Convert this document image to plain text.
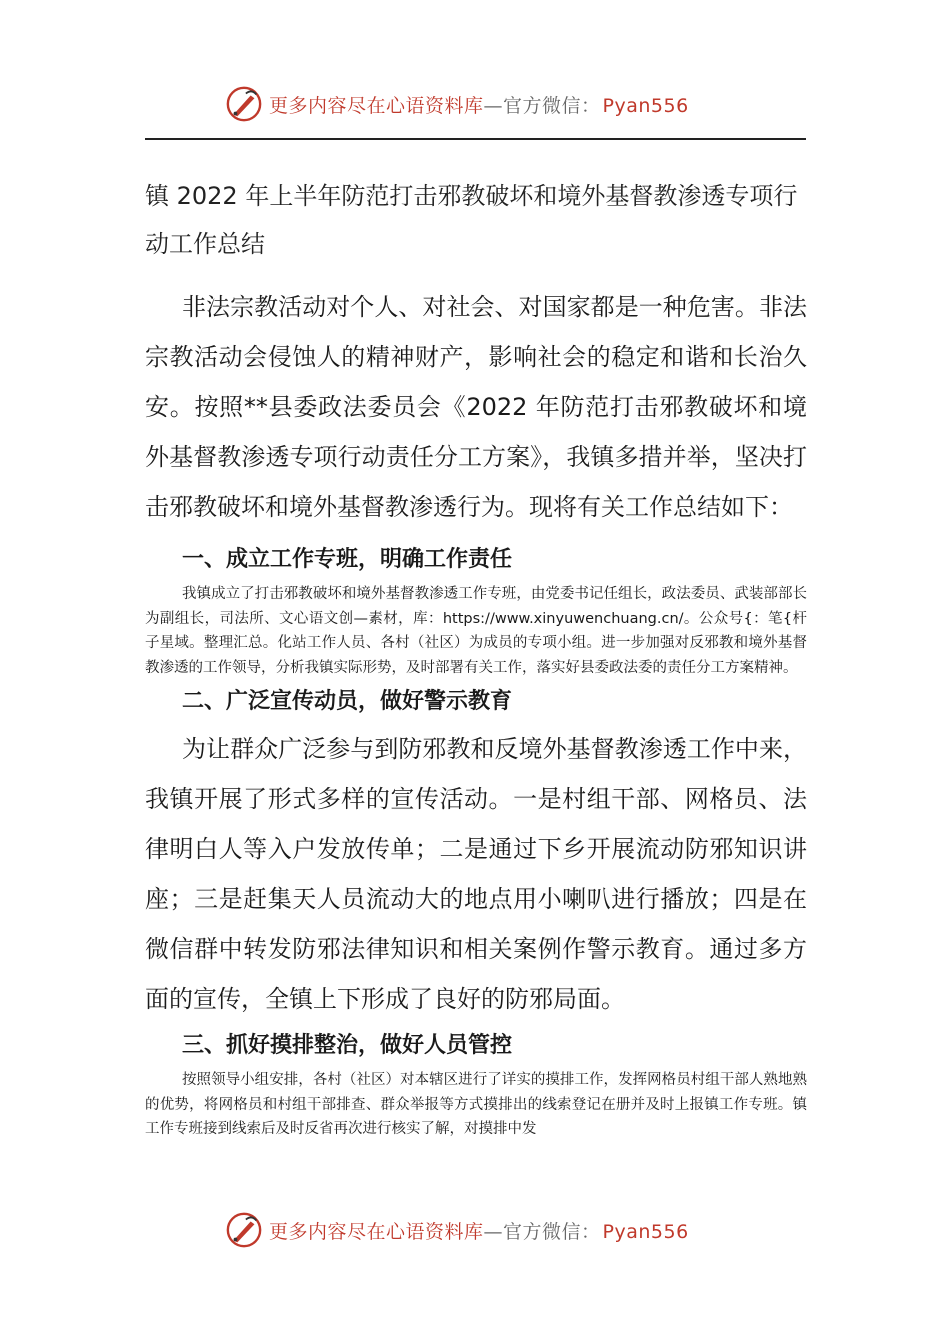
更多内容尽在心语资料库—官方微信： Pyan556
镇 2022 年上半年防范打击邪教破坏和境外基督教渗透专项行动工作总结

非法宗教活动对个人、对社会、对国家都是一种危害。非法宗教活动会侵蚀人的精神财产，影响社会的稳定和谐和长治久安。按照**县委政法委员会《2022 年防范打击邪教破坏和境外基督教渗透专项行动责任分工方案》，我镇多措并举，坚决打击邪教破坏和境外基督教渗透行为。现将有关工作总结如下：

一、成立工作专班，明确工作责任

我镇成立了打击邪教破坏和境外基督教渗透工作专班，由党委书记任组长，政法委员、武装部部长为副组长，司法所、文心语文创—素材，库：https://www.xinyuwenchuang.cn/。公众号{：笔{杆子星域。整理汇总。化站工作人员、各村（社区）为成员的专项小组。进一步加强对反邪教和境外基督教渗透的工作领导，分析我镇实际形势，及时部署有关工作，落实好县委政法委的责任分工方案精神。

二、广泛宣传动员，做好警示教育

为让群众广泛参与到防邪教和反境外基督教渗透工作中来，我镇开展了形式多样的宣传活动。一是村组干部、网格员、法律明白人等入户发放传单；二是通过下乡开展流动防邪知识讲座；三是赶集天人员流动大的地点用小喇叭进行播放；四是在微信群中转发防邪法律知识和相关案例作警示教育。通过多方面的宣传，全镇上下形成了良好的防邪局面。

三、抓好摸排整治，做好人员管控

按照领导小组安排，各村（社区）对本辖区进行了详实的摸排工作，发挥网格员村组干部人熟地熟的优势，将网格员和村组干部排查、群众举报等方式摸排出的线索登记在册并及时上报镇工作专班。镇工作专班接到线索后及时反省再次进行核实了解，对摸排中发

更多内容尽在心语资料库—官方微信： Pyan556
